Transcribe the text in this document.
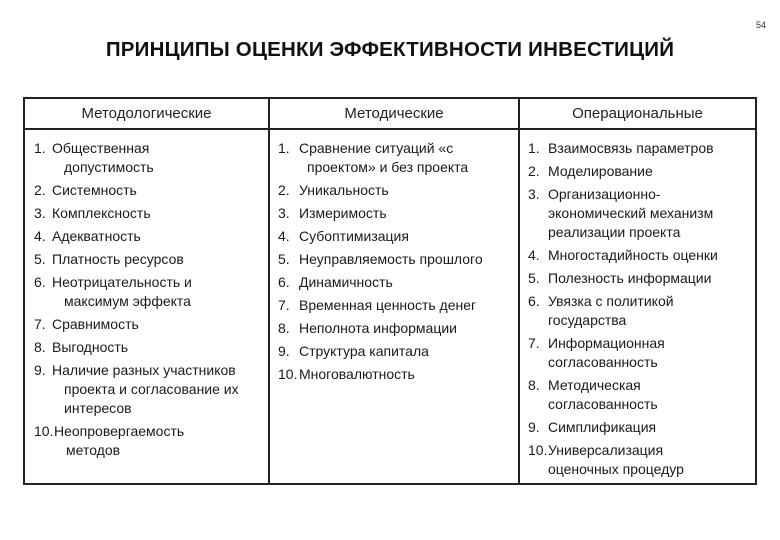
54
ПРИНЦИПЫ ОЦЕНКИ ЭФФЕКТИВНОСТИ ИНВЕСТИЦИЙ
Методологические	Методические	Операциональные
1. Общественная
допустимость
2. Системность
3. Комплексность
4. Адекватность
5. Платность ресурсов
6. Неотрицательность и
максимум эффекта
7. Сравнимость
8. Выгодность
9. Наличие разных участников
проекта и согласование их
интересов
10. Неопровергаемость
методов
1. Сравнение ситуаций «с
проектом» и без проекта
2. Уникальность
3. Измеримость
4. Субоптимизация
5. Неуправляемость прошлого
6. Динамичность
7. Временная ценность денег
8. Неполнота информации
9. Структура капитала
10. Многовалютность
1. Взаимосвязь параметров
2. Моделирование
3. Организационно-
экономический механизм
реализации проекта
4. Многостадийность оценки
5. Полезность информации
6. Увязка с политикой
государства
7. Информационная
согласованность
8. Методическая
согласованность
9. Симплификация
10. Универсализация
оценочных процедур
